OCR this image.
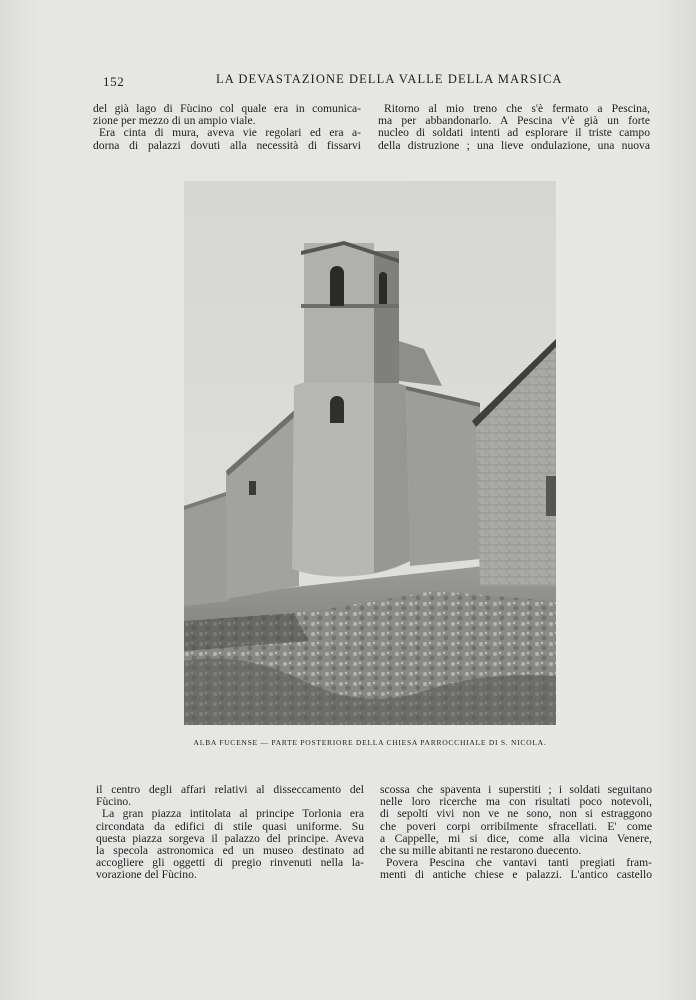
152	LA DEVASTAZIONE DELLA VALLE DELLA MARSICA
del già lago di Fùcino col quale era in comunica-
zione per mezzo di un ampio viale.
Era cinta di mura, aveva vie regolari ed era a-
dorna di palazzi dovuti alla necessità di fissarvi
Ritorno al mio treno che s'è fermato a Pescina,
ma per abbandonarlo. A Pescina v'è già un forte
nucleo di soldati intenti ad esplorare il triste campo
della distruzione ; una lieve ondulazione, una nuova
ALBA FUCENSE — PARTE POSTERIORE DELLA CHIESA PARROCCHIALE DI S. NICOLA.
il centro degli affari relativi al disseccamento del
Fùcino.
La gran piazza intitolata al principe Torlonia era
circondata da edifici di stile quasi uniforme. Su
questa piazza sorgeva il palazzo del principe. Aveva
la specola astronomica ed un museo destinato ad
accogliere gli oggetti di pregio rinvenuti nella la-
vorazione del Fùcino.
scossa che spaventa i superstiti ; i soldati seguitano
nelle loro ricerche ma con risultati poco notevoli,
di sepolti vivi non ve ne sono, non si estraggono
che poveri corpi orribilmente sfracellati. E' come
a Cappelle, mi si dice, come alla vicina Venere,
che su mille abitanti ne restarono duecento.
Povera Pescina che vantavi tanti pregiati fram-
menti di antiche chiese e palazzi. L'antico castello
